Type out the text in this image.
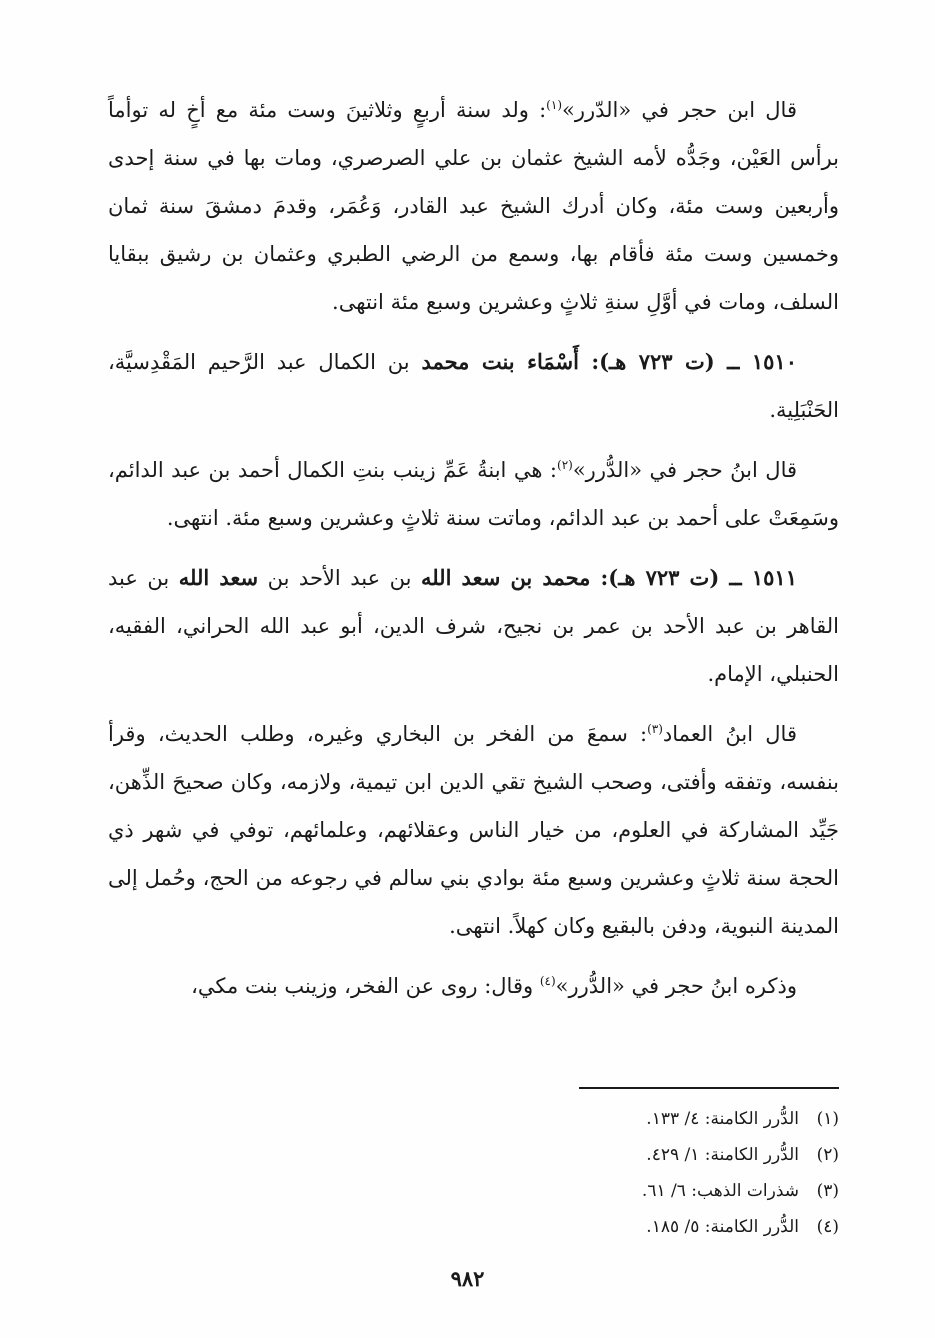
قال ابن حجر في «الدّرر»$^{(١)}$: ولد سنة أربعٍ وثلاثينَ وست مئة مع أخٍ له توأماً برأس العَيْن، وجَدُّه لأمه الشيخ عثمان بن علي الصرصري، ومات بها في سنة إحدى وأربعين وست مئة، وكان أدرك الشيخ عبد القادر، وَعُمَر، وقدمَ دمشقَ سنة ثمان وخمسين وست مئة فأقام بها، وسمع من الرضي الطبري وعثمان بن رشيق ببقايا السلف، ومات في أوَّلِ سنةِ ثلاثٍ وعشرين وسبع مئة انتهى.

١٥١٠ ــ (ت ٧٢٣ هـ): أَسْمَاء بنت محمد بن الكمال عبد الرَّحيم المَقْدِسيَّة، الحَنْبَلِية.

قال ابنُ حجر في «الدُّرر»$^{(٢)}$: هي ابنةُ عَمِّ زينب بنتِ الكمال أحمد بن عبد الدائم، وسَمِعَتْ على أحمد بن عبد الدائم، وماتت سنة ثلاثٍ وعشرين وسبع مئة. انتهى.

١٥١١ ــ (ت ٧٢٣ هـ): محمد بن سعد الله بن عبد الأحد بن سعد الله بن عبد القاهر بن عبد الأحد بن عمر بن نجيح، شرف الدين، أبو عبد الله الحراني، الفقيه، الحنبلي، الإمام.

قال ابنُ العماد$^{(٣)}$: سمعَ من الفخر بن البخاري وغيره، وطلب الحديث، وقرأ بنفسه، وتفقه وأفتى، وصحب الشيخ تقي الدين ابن تيمية، ولازمه، وكان صحيحَ الذِّهن، جَيِّد المشاركة في العلوم، من خيار الناس وعقلائهم، وعلمائهم، توفي في شهر ذي الحجة سنة ثلاثٍ وعشرين وسبع مئة بوادي بني سالم في رجوعه من الحج، وحُمل إلى المدينة النبوية، ودفن بالبقيع وكان كهلاً. انتهى.

وذكره ابنُ حجر في «الدُّرر»$^{(٤)}$ وقال: روى عن الفخر، وزينب بنت مكي،

(١)الدُّرر الكامنة: ٤/ ١٣٣.
(٢)الدُّرر الكامنة: ١/ ٤٢٩.
(٣)شذرات الذهب: ٦/ ٦١.
(٤)الدُّرر الكامنة: ٥/ ١٨٥.
٩٨٢
